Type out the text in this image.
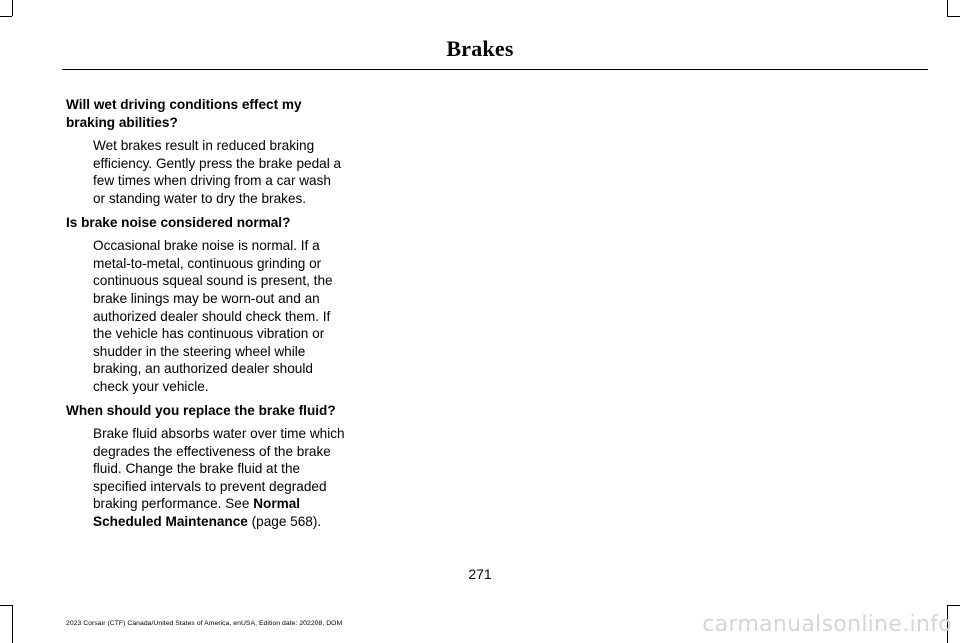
Brakes

Will wet driving conditions effect my braking abilities?

Wet brakes result in reduced braking efficiency. Gently press the brake pedal a few times when driving from a car wash or standing water to dry the brakes.

Is brake noise considered normal?

Occasional brake noise is normal. If a metal-to-metal, continuous grinding or continuous squeal sound is present, the brake linings may be worn-out and an authorized dealer should check them. If the vehicle has continuous vibration or shudder in the steering wheel while braking, an authorized dealer should check your vehicle.

When should you replace the brake fluid?

Brake fluid absorbs water over time which degrades the effectiveness of the brake fluid. Change the brake fluid at the specified intervals to prevent degraded braking performance. See Normal Scheduled Maintenance (page 568).

271
2023 Corsair (CTF) Canada/United States of America, enUSA, Edition date: 202208, DOM	carmanualsonline.info
